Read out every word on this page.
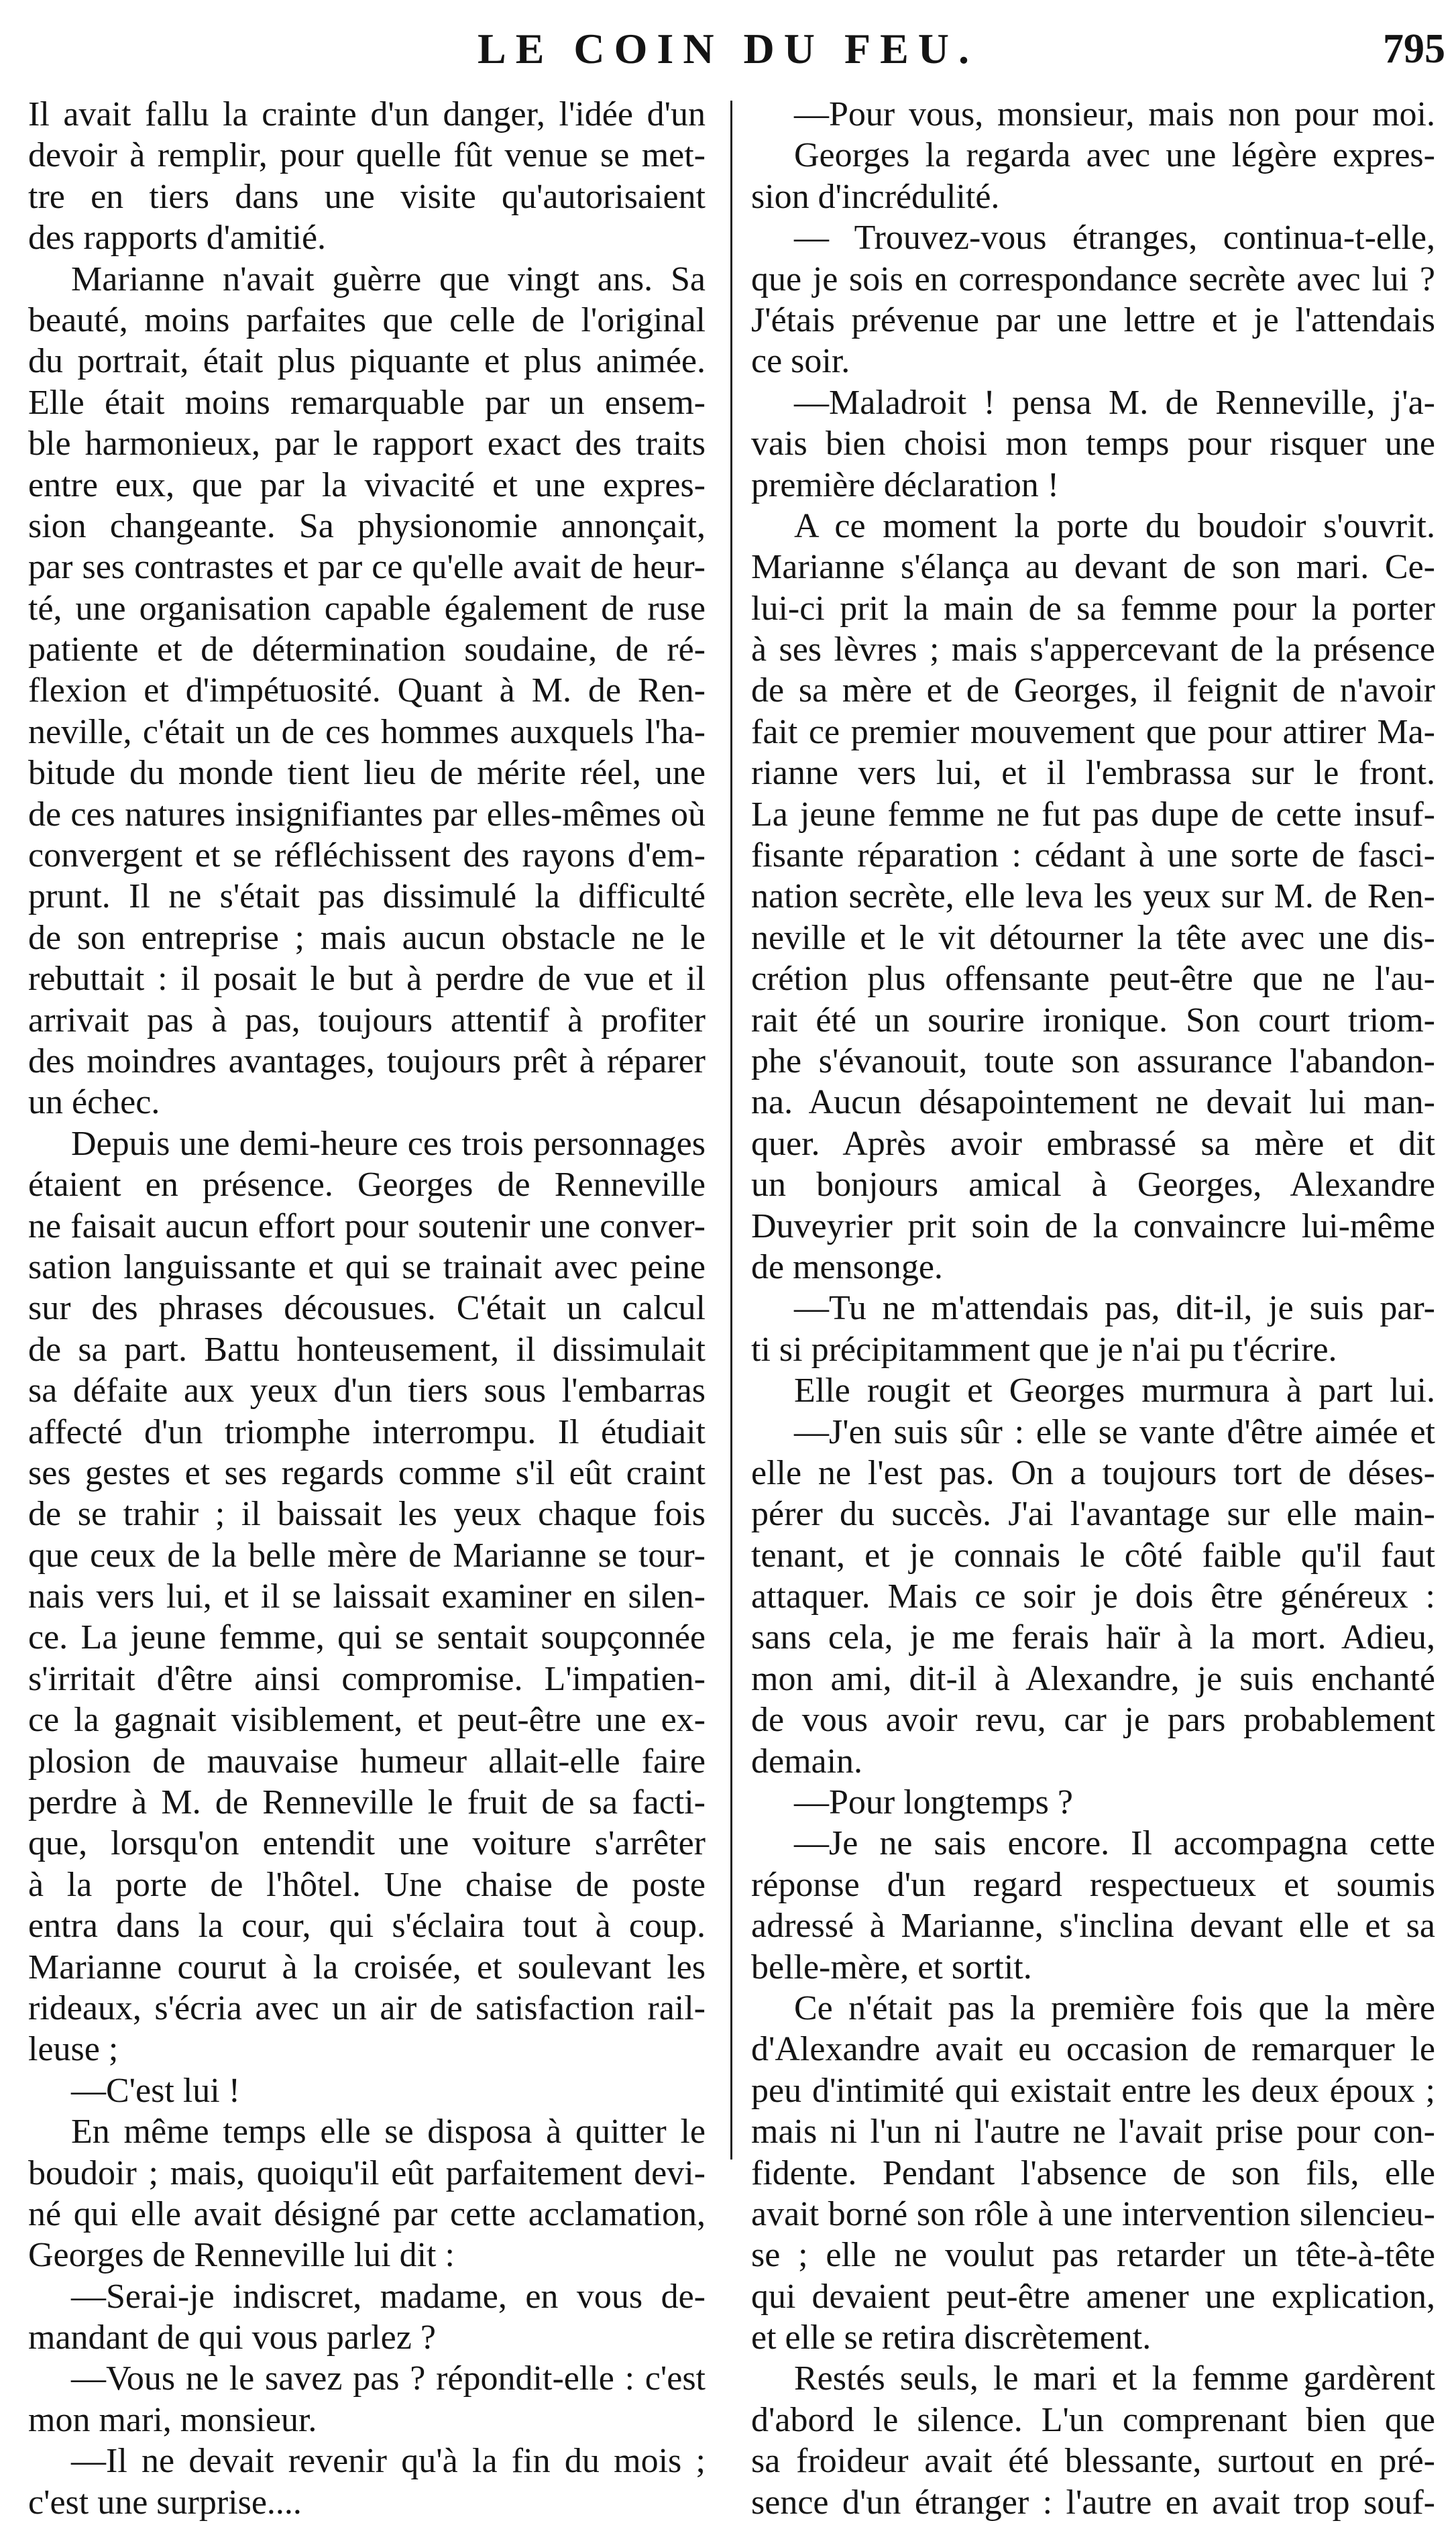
LE COIN DU FEU.	795
Il avait fallu la crainte d'un danger, l'idée d'un
devoir à remplir, pour quelle fût venue se met-
tre en tiers dans une visite qu'autorisaient
des rapports d'amitié.
Marianne n'avait guèrre que vingt ans. Sa
beauté, moins parfaites que celle de l'original
du portrait, était plus piquante et plus animée.
Elle était moins remarquable par un ensem-
ble harmonieux, par le rapport exact des traits
entre eux, que par la vivacité et une expres-
sion changeante. Sa physionomie annonçait,
par ses contrastes et par ce qu'elle avait de heur-
té, une organisation capable également de ruse
patiente et de détermination soudaine, de ré-
flexion et d'impétuosité. Quant à M. de Ren-
neville, c'était un de ces hommes auxquels l'ha-
bitude du monde tient lieu de mérite réel, une
de ces natures insignifiantes par elles-mêmes où
convergent et se réfléchissent des rayons d'em-
prunt. Il ne s'était pas dissimulé la difficulté
de son entreprise ; mais aucun obstacle ne le
rebuttait : il posait le but à perdre de vue et il
arrivait pas à pas, toujours attentif à profiter
des moindres avantages, toujours prêt à réparer
un échec.
Depuis une demi-heure ces trois personnages
étaient en présence. Georges de Renneville
ne faisait aucun effort pour soutenir une conver-
sation languissante et qui se trainait avec peine
sur des phrases décousues. C'était un calcul
de sa part. Battu honteusement, il dissimulait
sa défaite aux yeux d'un tiers sous l'embarras
affecté d'un triomphe interrompu. Il étudiait
ses gestes et ses regards comme s'il eût craint
de se trahir ; il baissait les yeux chaque fois
que ceux de la belle mère de Marianne se tour-
nais vers lui, et il se laissait examiner en silen-
ce. La jeune femme, qui se sentait soupçonnée
s'irritait d'être ainsi compromise. L'impatien-
ce la gagnait visiblement, et peut-être une ex-
plosion de mauvaise humeur allait-elle faire
perdre à M. de Renneville le fruit de sa facti-
que, lorsqu'on entendit une voiture s'arrêter
à la porte de l'hôtel. Une chaise de poste
entra dans la cour, qui s'éclaira tout à coup.
Marianne courut à la croisée, et soulevant les
rideaux, s'écria avec un air de satisfaction rail-
leuse ;
—C'est lui !
En même temps elle se disposa à quitter le
boudoir ; mais, quoiqu'il eût parfaitement devi-
né qui elle avait désigné par cette acclamation,
Georges de Renneville lui dit :
—Serai-je indiscret, madame, en vous de-
mandant de qui vous parlez ?
—Vous ne le savez pas ? répondit-elle : c'est
mon mari, monsieur.
—Il ne devait revenir qu'à la fin du mois ;
c'est une surprise....
—Pour vous, monsieur, mais non pour moi.
Georges la regarda avec une légère expres-
sion d'incrédulité.
— Trouvez-vous étranges, continua-t-elle,
que je sois en correspondance secrète avec lui ?
J'étais prévenue par une lettre et je l'attendais
ce soir.
—Maladroit ! pensa M. de Renneville, j'a-
vais bien choisi mon temps pour risquer une
première déclaration !
A ce moment la porte du boudoir s'ouvrit.
Marianne s'élança au devant de son mari. Ce-
lui-ci prit la main de sa femme pour la porter
à ses lèvres ; mais s'appercevant de la présence
de sa mère et de Georges, il feignit de n'avoir
fait ce premier mouvement que pour attirer Ma-
rianne vers lui, et il l'embrassa sur le front.
La jeune femme ne fut pas dupe de cette insuf-
fisante réparation : cédant à une sorte de fasci-
nation secrète, elle leva les yeux sur M. de Ren-
neville et le vit détourner la tête avec une dis-
crétion plus offensante peut-être que ne l'au-
rait été un sourire ironique. Son court triom-
phe s'évanouit, toute son assurance l'abandon-
na. Aucun désapointement ne devait lui man-
quer. Après avoir embrassé sa mère et dit
un bonjours amical à Georges, Alexandre
Duveyrier prit soin de la convaincre lui-même
de mensonge.
—Tu ne m'attendais pas, dit-il, je suis par-
ti si précipitamment que je n'ai pu t'écrire.
Elle rougit et Georges murmura à part lui.
—J'en suis sûr : elle se vante d'être aimée et
elle ne l'est pas. On a toujours tort de déses-
pérer du succès. J'ai l'avantage sur elle main-
tenant, et je connais le côté faible qu'il faut
attaquer. Mais ce soir je dois être généreux :
sans cela, je me ferais haïr à la mort. Adieu,
mon ami, dit-il à Alexandre, je suis enchanté
de vous avoir revu, car je pars probablement
demain.
—Pour longtemps ?
—Je ne sais encore. Il accompagna cette
réponse d'un regard respectueux et soumis
adressé à Marianne, s'inclina devant elle et sa
belle-mère, et sortit.
Ce n'était pas la première fois que la mère
d'Alexandre avait eu occasion de remarquer le
peu d'intimité qui existait entre les deux époux ;
mais ni l'un ni l'autre ne l'avait prise pour con-
fidente. Pendant l'absence de son fils, elle
avait borné son rôle à une intervention silencieu-
se ; elle ne voulut pas retarder un tête-à-tête
qui devaient peut-être amener une explication,
et elle se retira discrètement.
Restés seuls, le mari et la femme gardèrent
d'abord le silence. L'un comprenant bien que
sa froideur avait été blessante, surtout en pré-
sence d'un étranger : l'autre en avait trop souf-
